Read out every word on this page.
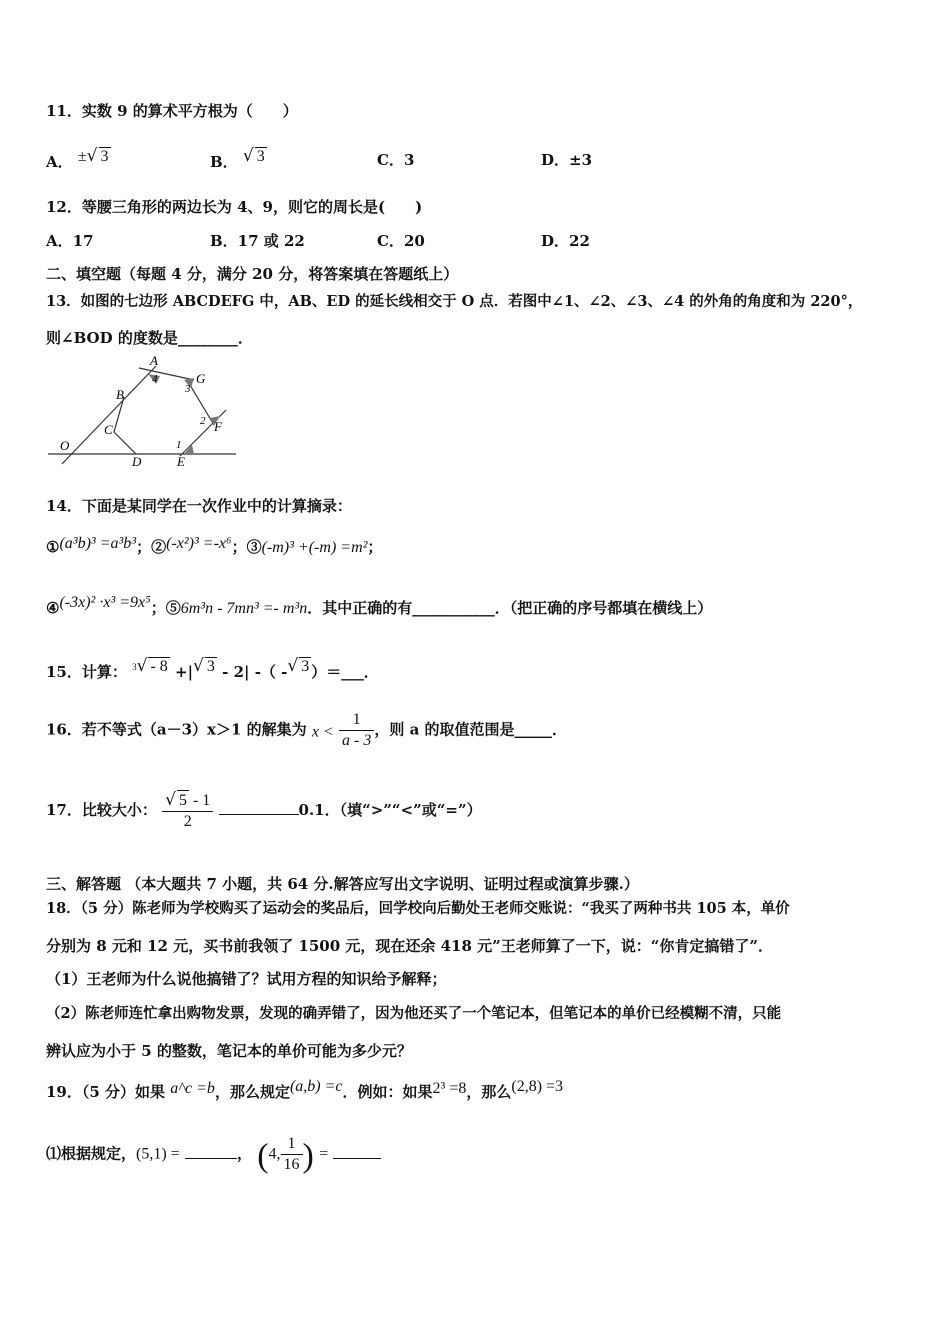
11．实数 9 的算术平方根为（　　）
A． ±√ 3	B． √ 3	C．3	D．±3
12．等腰三角形的两边长为 4、9，则它的周长是(　　)
A．17	B．17 或 22	C．20	D．22
二、填空题（每题 4 分，满分 20 分，将答案填在答题纸上）
13．如图的七边形 ABCDEFG 中，AB、ED 的延长线相交于 O 点．若图中∠1、∠2、∠3、∠4 的外角的角度和为 220°，
则∠BOD 的度数是________．
A
4	G
3
B
2 F
C
O	1
D	E
14．下面是某同学在一次作业中的计算摘录：
①(a³b)³ =a³b³；②(-x²)³ =-x⁶；③(-m)³ +(-m) =m²；
④(-3x)² ·x³ =9x⁵；⑤6m³n - 7mn³ =- m³n．其中正确的有___________．（把正确的序号都填在横线上）
15．计算： $^3$√ - 8 +|√ 3 - 2| -（ -√ 3 ）＝___．
16．若不等式（a－3）x＞1 的解集为 $x < \frac{1}{a - 3}$ ，则 a 的取值范围是_____．
17．比较大小： $\frac{√ 5 - 1}{2}$	0.1．（填“>”“<”或“=”）
三、解答题 （本大题共 7 小题，共 64 分.解答应写出文字说明、证明过程或演算步骤.）
18．（5 分）陈老师为学校购买了运动会的奖品后，回学校向后勤处王老师交账说：“我买了两种书共 105 本，单价
分别为 8 元和 12 元，买书前我领了 1500 元，现在还余 418 元”王老师算了一下，说：“你肯定搞错了”．
（1）王老师为什么说他搞错了？试用方程的知识给予解释；
（2）陈老师连忙拿出购物发票，发现的确弄错了，因为他还买了一个笔记本，但笔记本的单价已经模糊不清，只能
辨认应为小于 5 的整数，笔记本的单价可能为多少元？
19．（5 分）如果 a^c =b，那么规定(a,b) =c．例如：如果2³ =8，那么(2,8) =3
⑴根据规定，(5,1) =	， (4, $\frac{1}{16}$ ) =
